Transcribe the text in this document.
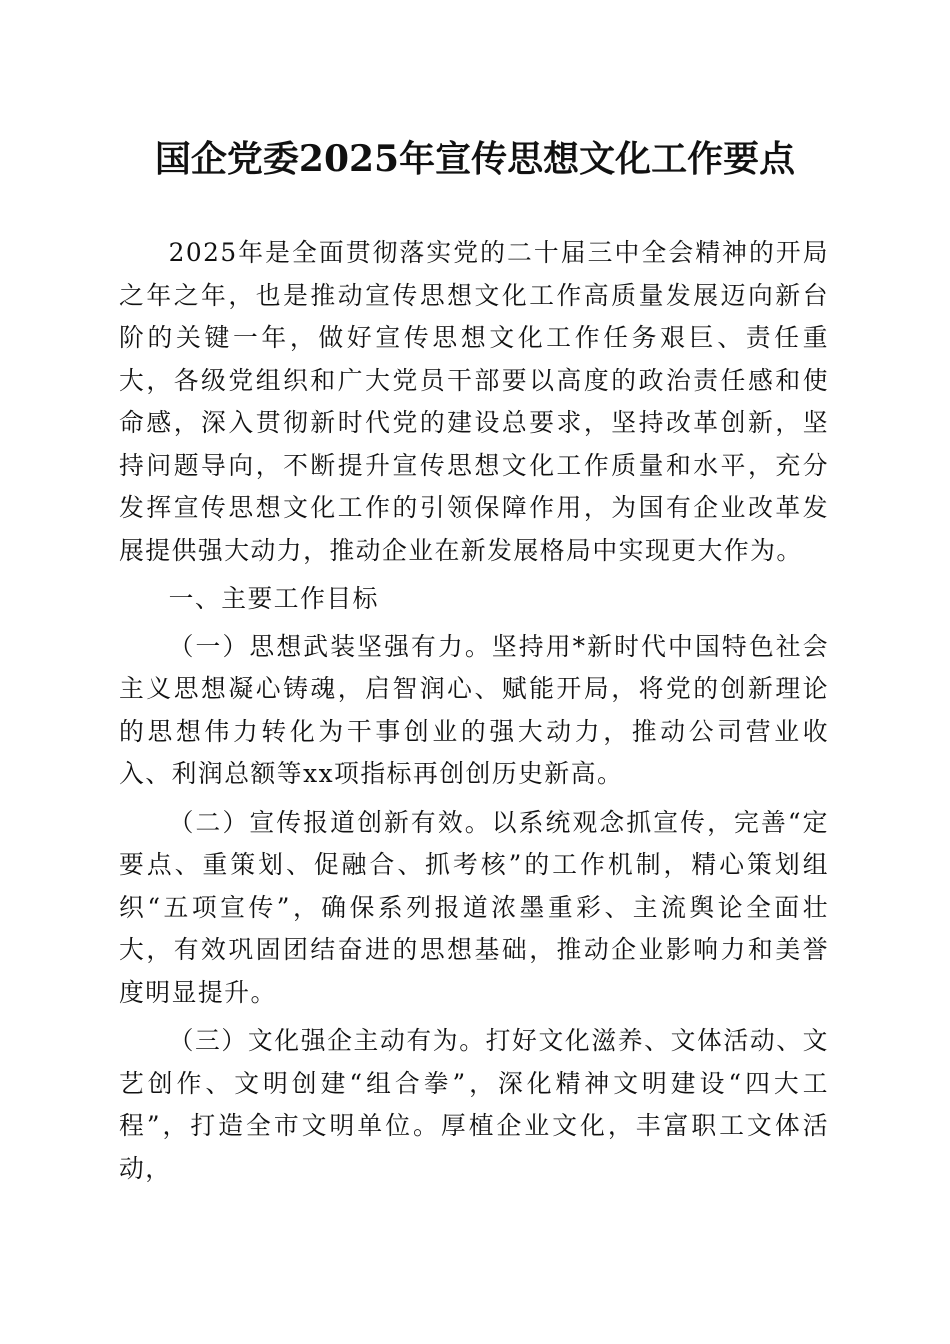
国企党委2025年宣传思想文化工作要点

2025年是全面贯彻落实党的二十届三中全会精神的开局之年之年，也是推动宣传思想文化工作高质量发展迈向新台阶的关键一年，做好宣传思想文化工作任务艰巨、责任重大，各级党组织和广大党员干部要以高度的政治责任感和使命感，深入贯彻新时代党的建设总要求，坚持改革创新，坚持问题导向，不断提升宣传思想文化工作质量和水平，充分发挥宣传思想文化工作的引领保障作用，为国有企业改革发展提供强大动力，推动企业在新发展格局中实现更大作为。

一、主要工作目标

（一）思想武装坚强有力。坚持用*新时代中国特色社会主义思想凝心铸魂，启智润心、赋能开局，将党的创新理论的思想伟力转化为干事创业的强大动力，推动公司营业收入、利润总额等xx项指标再创创历史新高。

（二）宣传报道创新有效。以系统观念抓宣传，完善“定要点、重策划、促融合、抓考核”的工作机制，精心策划组织“五项宣传”，确保系列报道浓墨重彩、主流舆论全面壮大，有效巩固团结奋进的思想基础，推动企业影响力和美誉度明显提升。

（三）文化强企主动有为。打好文化滋养、文体活动、文艺创作、文明创建“组合拳”，深化精神文明建设“四大工程”，打造全市文明单位。厚植企业文化，丰富职工文体活动，
